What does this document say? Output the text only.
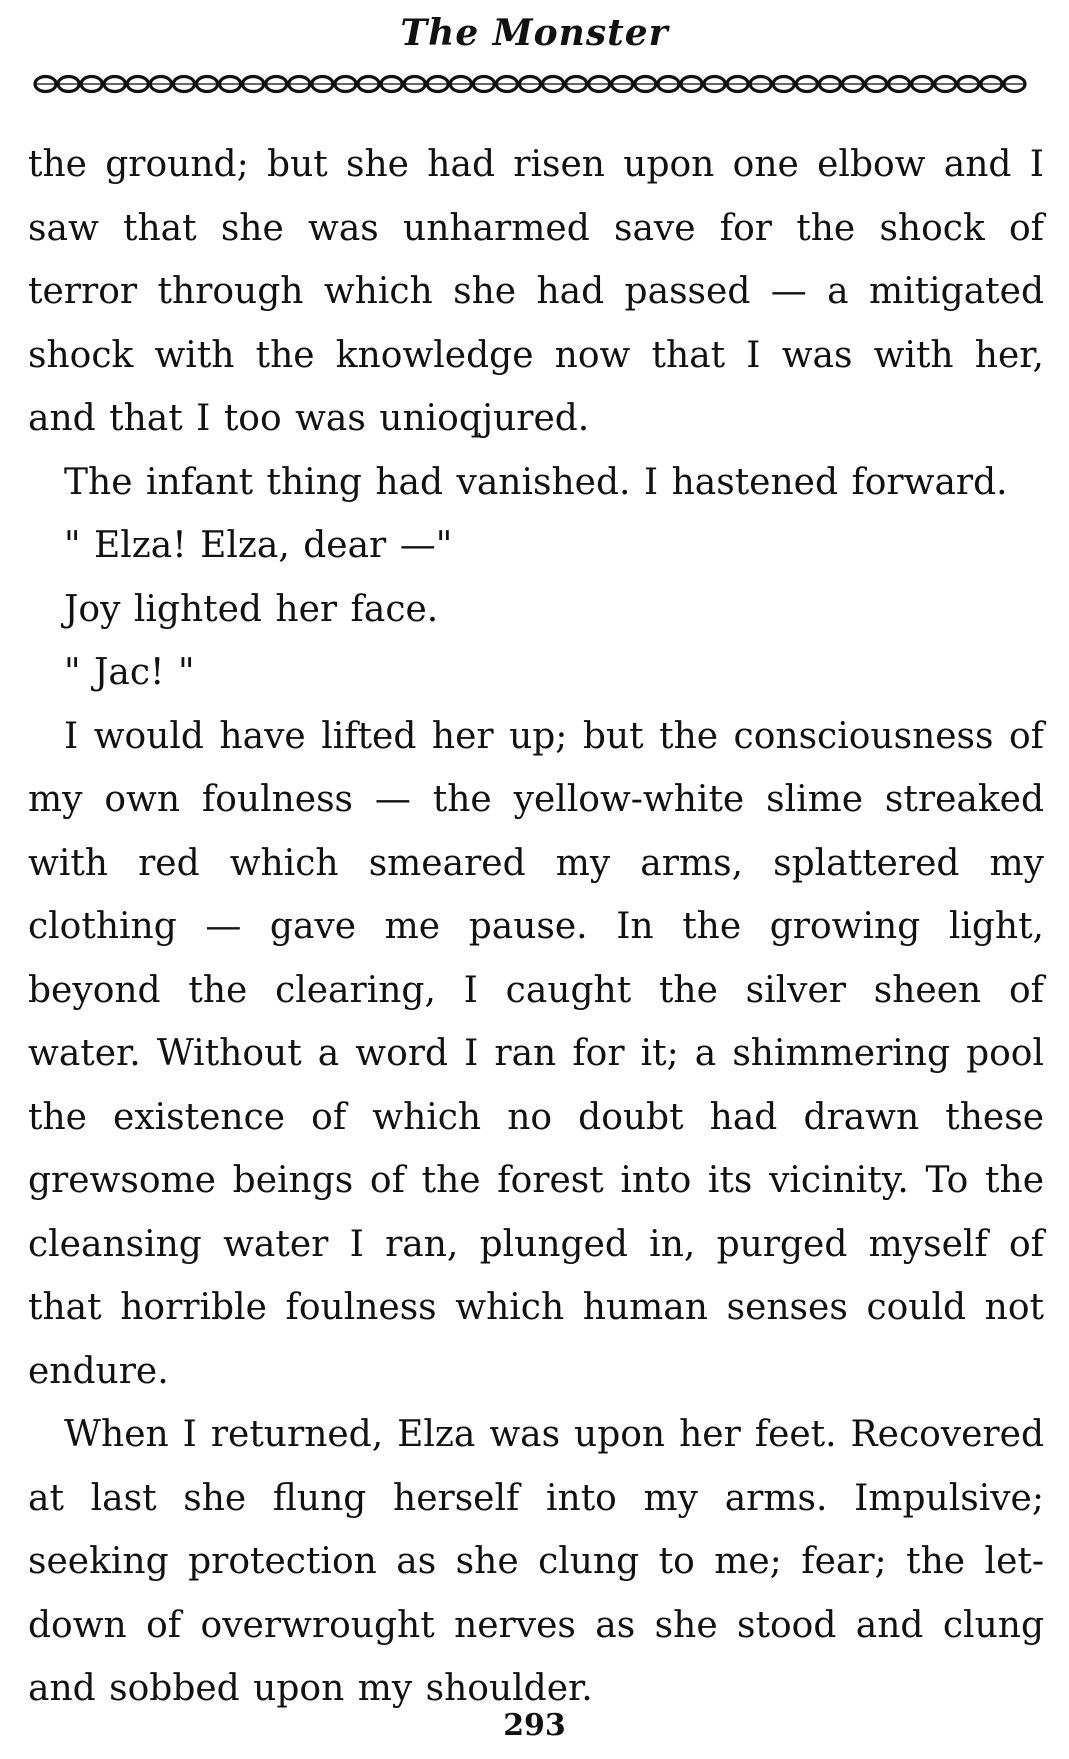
The Monster

the ground; but she had risen upon one elbow and I saw that she was unharmed save for the shock of terror through which she had passed — a mitigated shock with the knowledge now that I was with her, and that I too was unioqjured.

The infant thing had vanished. I hastened forward.

" Elza! Elza, dear —"

Joy lighted her face.

" Jac! "

I would have lifted her up; but the consciousness of my own foulness — the yellow-white slime streaked with red which smeared my arms, splattered my clothing — gave me pause. In the growing light, beyond the clearing, I caught the silver sheen of water. Without a word I ran for it; a shimmering pool the existence of which no doubt had drawn these grewsome beings of the forest into its vicinity. To the cleansing water I ran, plunged in, purged myself of that horrible foulness which human senses could not endure.

When I returned, Elza was upon her feet. Recovered at last she flung herself into my arms. Impulsive; seeking protection as she clung to me; fear; the let-down of overwrought nerves as she stood and clung and sobbed upon my shoulder.

293
